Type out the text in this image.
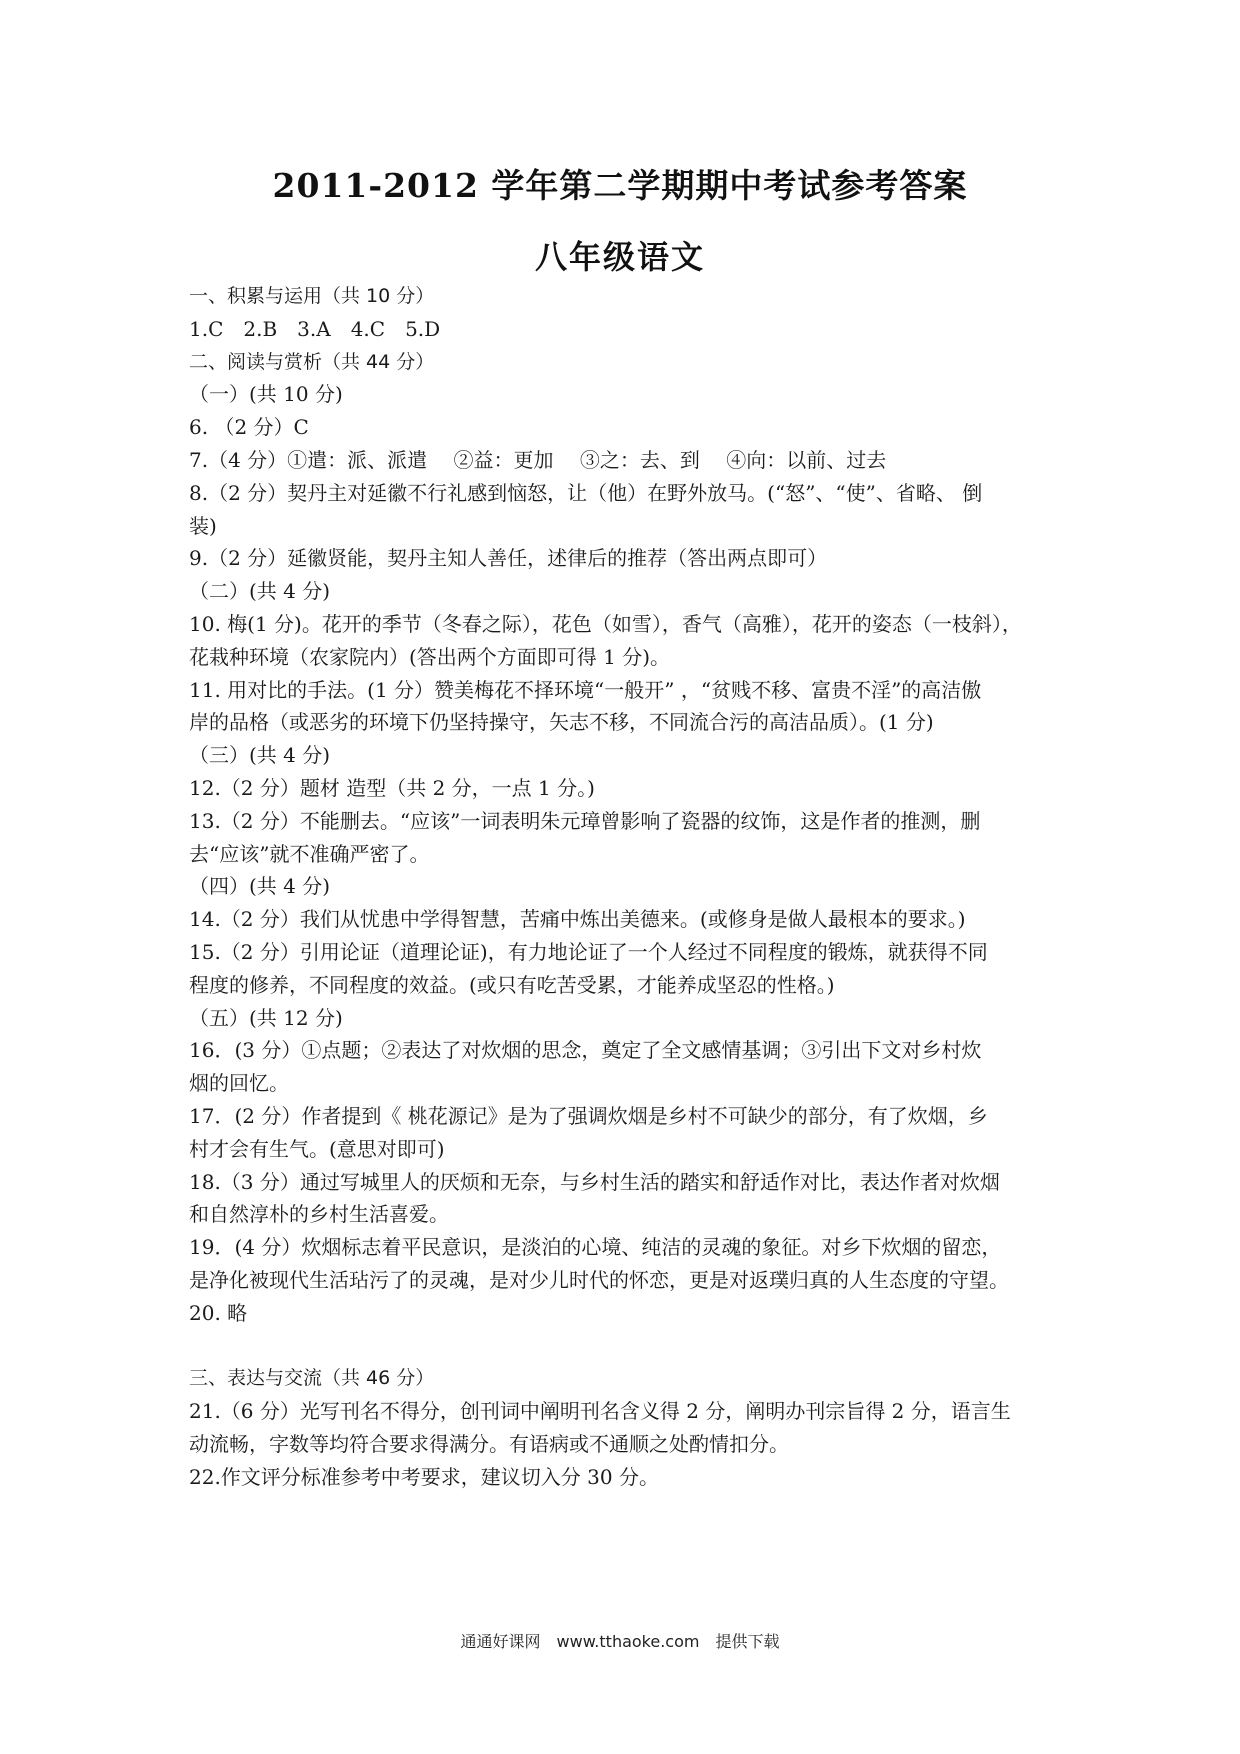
2011-2012 学年第二学期期中考试参考答案
八年级语文
一、积累与运用（共 10 分）
1.C　2.B　3.A　4.C　5.D
二、阅读与赏析（共 44 分）
（一）(共 10 分)
6. （2 分）C
7.（4 分）①遣：派、派遣　 ②益：更加　 ③之：去、到　 ④向：以前、过去
8.（2 分）契丹主对延徽不行礼感到恼怒，让（他）在野外放马。(“怒”、“使”、省略、 倒
装)
9.（2 分）延徽贤能，契丹主知人善任，述律后的推荐（答出两点即可）
（二）(共 4 分)
10. 梅(1 分)。花开的季节（冬春之际），花色（如雪），香气（高雅），花开的姿态（一枝斜），
花栽种环境（农家院内）(答出两个方面即可得 1 分)。
11. 用对比的手法。(1 分）赞美梅花不择环境“一般开” ，“贫贱不移、富贵不淫”的高洁傲
岸的品格（或恶劣的环境下仍坚持操守，矢志不移，不同流合污的高洁品质）。(1 分)
（三）(共 4 分)
12.（2 分）题材 造型（共 2 分，一点 1 分。)
13.（2 分）不能删去。“应该”一词表明朱元璋曾影响了瓷器的纹饰，这是作者的推测，删
去“应该”就不准确严密了。
（四）(共 4 分)
14.（2 分）我们从忧患中学得智慧，苦痛中炼出美德来。(或修身是做人最根本的要求。)
15.（2 分）引用论证（道理论证)，有力地论证了一个人经过不同程度的锻炼，就获得不同
程度的修养，不同程度的效益。(或只有吃苦受累，才能养成坚忍的性格。)
（五）(共 12 分)
16．(3 分）①点题；②表达了对炊烟的思念，奠定了全文感情基调；③引出下文对乡村炊
烟的回忆。
17．(2 分）作者提到《 桃花源记》是为了强调炊烟是乡村不可缺少的部分，有了炊烟，乡
村才会有生气。(意思对即可)
18.（3 分）通过写城里人的厌烦和无奈，与乡村生活的踏实和舒适作对比，表达作者对炊烟
和自然淳朴的乡村生活喜爱。
19．(4 分）炊烟标志着平民意识，是淡泊的心境、纯洁的灵魂的象征。对乡下炊烟的留恋，
是净化被现代生活玷污了的灵魂，是对少儿时代的怀恋，更是对返璞归真的人生态度的守望。
20. 略
三、表达与交流（共 46 分）
21.（6 分）光写刊名不得分，创刊词中阐明刊名含义得 2 分，阐明办刊宗旨得 2 分，语言生
动流畅，字数等均符合要求得满分。有语病或不通顺之处酌情扣分。
22.作文评分标准参考中考要求，建议切入分 30 分。
通通好课网　www.tthaoke.com　提供下载
